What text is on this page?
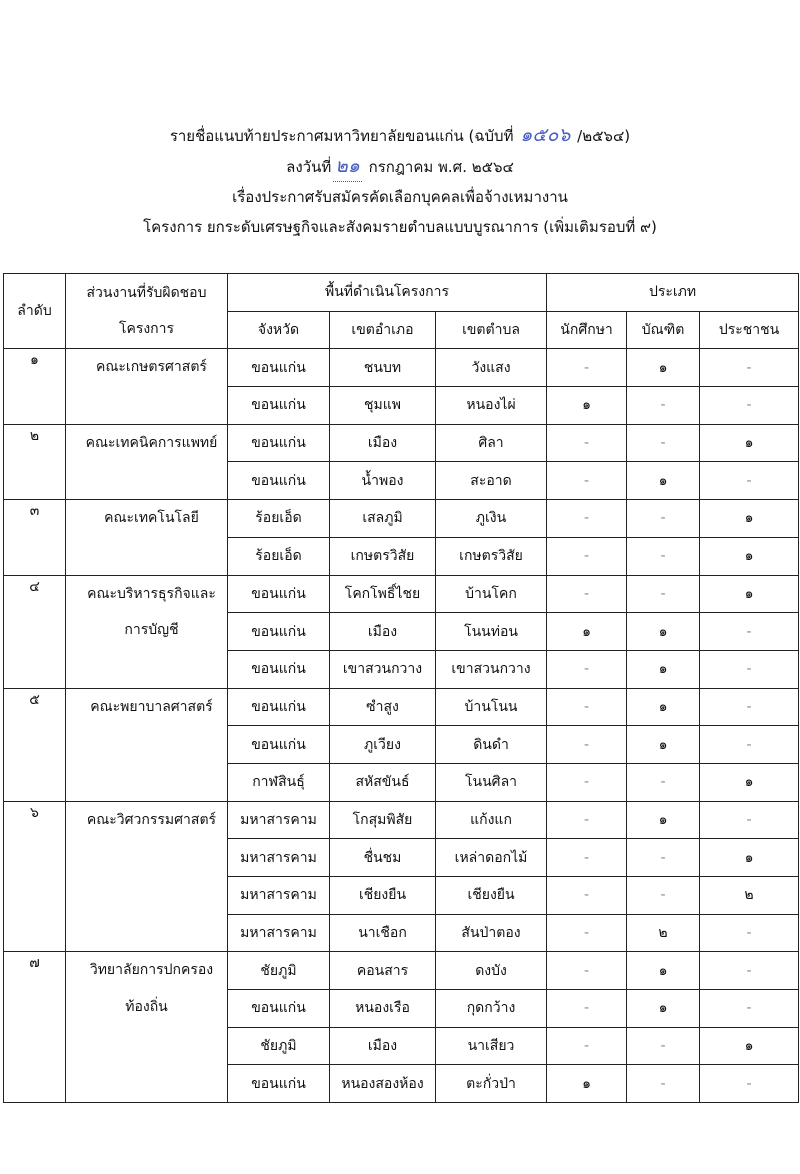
รายชื่อแนบท้ายประกาศมหาวิทยาลัยขอนแก่น (ฉบับที่ ๑๕๐๖ /๒๕๖๔)
ลงวันที่ ๒๑ กรกฎาคม พ.ศ. ๒๕๖๔
เรื่องประกาศรับสมัครคัดเลือกบุคคลเพื่อจ้างเหมางาน
โครงการ ยกระดับเศรษฐกิจและสังคมรายตำบลแบบบูรณาการ (เพิ่มเติมรอบที่ ๙)
ลำดับ	ส่วนงานที่รับผิดชอบ
โครงการ	พื้นที่ดำเนินโครงการ			ประเภท		
		จังหวัด	เขตอำเภอ	เขตตำบล	นักศึกษา	บัณฑิต	ประชาชน
๑	คณะเกษตรศาสตร์	ขอนแก่น	ชนบท	วังแสง	-	๑	-
		ขอนแก่น	ชุมแพ	หนองไผ่	๑	-	-
๒	คณะเทคนิคการแพทย์	ขอนแก่น	เมือง	ศิลา	-	-	๑
		ขอนแก่น	น้ำพอง	สะอาด	-	๑	-
๓	คณะเทคโนโลยี	ร้อยเอ็ด	เสลภูมิ	ภูเงิน	-	-	๑
		ร้อยเอ็ด	เกษตรวิสัย	เกษตรวิสัย	-	-	๑
๔	คณะบริหารธุรกิจและ
การบัญชี	ขอนแก่น	โคกโพธิ์ไชย	บ้านโคก	-	-	๑
		ขอนแก่น	เมือง	โนนท่อน	๑	๑	-
		ขอนแก่น	เขาสวนกวาง	เขาสวนกวาง	-	๑	-
๕	คณะพยาบาลศาสตร์	ขอนแก่น	ซำสูง	บ้านโนน	-	๑	-
		ขอนแก่น	ภูเวียง	ดินดำ	-	๑	-
		กาฬสินธุ์	สหัสขันธ์	โนนศิลา	-	-	๑
๖	คณะวิศวกรรมศาสตร์	มหาสารคาม	โกสุมพิสัย	แก้งแก	-	๑	-
		มหาสารคาม	ชื่นชม	เหล่าดอกไม้	-	-	๑
		มหาสารคาม	เชียงยืน	เชียงยืน	-	-	๒
		มหาสารคาม	นาเชือก	สันป่าตอง	-	๒	-
๗	วิทยาลัยการปกครอง
ท้องถิ่น	ชัยภูมิ	คอนสาร	ดงบัง	-	๑	-
		ขอนแก่น	หนองเรือ	กุดกว้าง	-	๑	-
		ชัยภูมิ	เมือง	นาเสียว	-	-	๑
		ขอนแก่น	หนองสองห้อง	ตะกั่วป่า	๑	-	-
